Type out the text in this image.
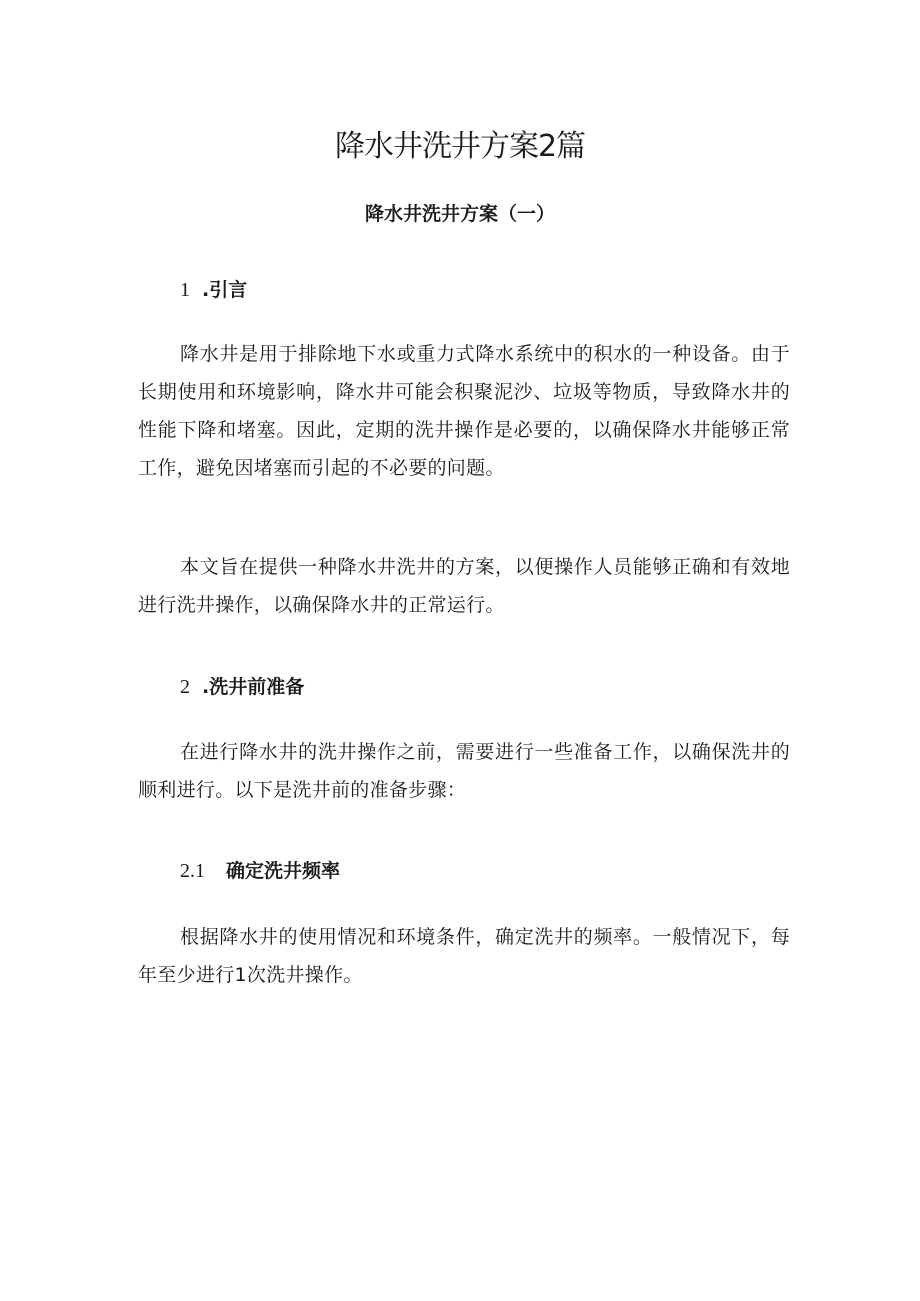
降水井洗井方案2篇
降水井洗井方案（一）
1 .引言

降水井是用于排除地下水或重力式降水系统中的积水的一种设备。由于长期使用和环境影响，降水井可能会积聚泥沙、垃圾等物质，导致降水井的性能下降和堵塞。因此，定期的洗井操作是必要的，以确保降水井能够正常工作，避免因堵塞而引起的不必要的问题。

本文旨在提供一种降水井洗井的方案，以便操作人员能够正确和有效地进行洗井操作，以确保降水井的正常运行。

2 .洗井前准备

在进行降水井的洗井操作之前，需要进行一些准备工作，以确保洗井的顺利进行。以下是洗井前的准备步骤：

2.1 确定洗井频率

根据降水井的使用情况和环境条件，确定洗井的频率。一般情况下，每年至少进行1次洗井操作。
